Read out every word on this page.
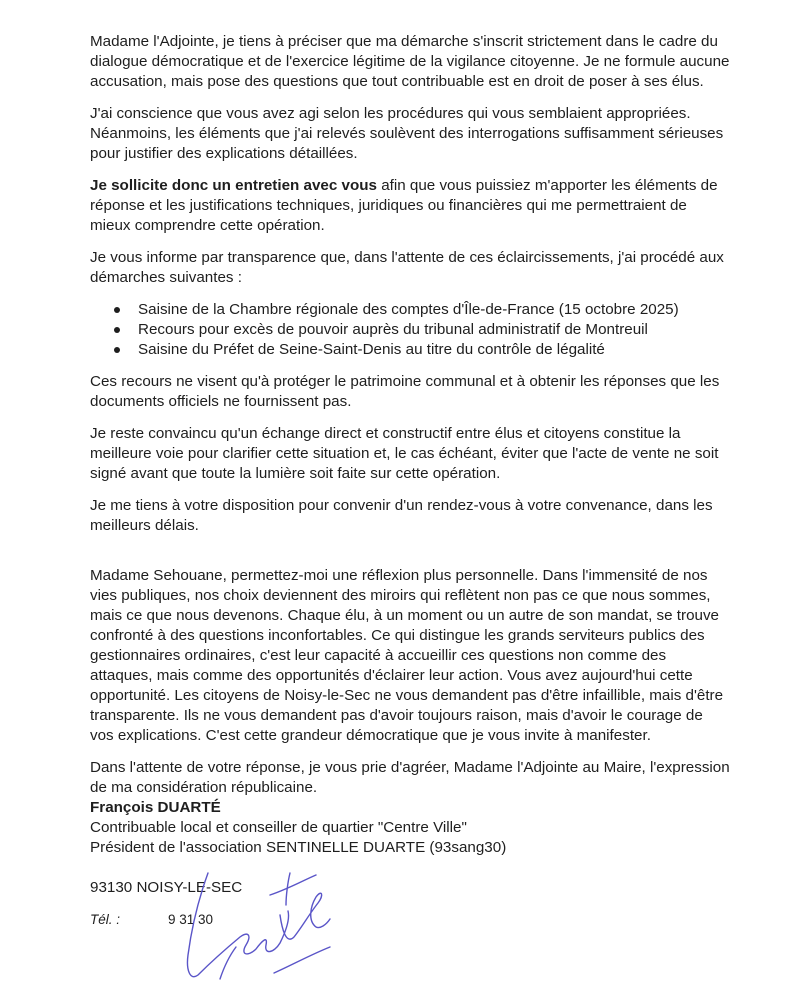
Madame l'Adjointe, je tiens à préciser que ma démarche s'inscrit strictement dans le cadre du dialogue démocratique et de l'exercice légitime de la vigilance citoyenne. Je ne formule aucune accusation, mais pose des questions que tout contribuable est en droit de poser à ses élus.

J'ai conscience que vous avez agi selon les procédures qui vous semblaient appropriées. Néanmoins, les éléments que j'ai relevés soulèvent des interrogations suffisamment sérieuses pour justifier des explications détaillées.

Je sollicite donc un entretien avec vous afin que vous puissiez m'apporter les éléments de réponse et les justifications techniques, juridiques ou financières qui me permettraient de mieux comprendre cette opération.

Je vous informe par transparence que, dans l'attente de ces éclaircissements, j'ai procédé aux démarches suivantes :

Saisine de la Chambre régionale des comptes d'Île-de-France (15 octobre 2025)
Recours pour excès de pouvoir auprès du tribunal administratif de Montreuil
Saisine du Préfet de Seine-Saint-Denis au titre du contrôle de légalité

Ces recours ne visent qu'à protéger le patrimoine communal et à obtenir les réponses que les documents officiels ne fournissent pas.

Je reste convaincu qu'un échange direct et constructif entre élus et citoyens constitue la meilleure voie pour clarifier cette situation et, le cas échéant, éviter que l'acte de vente ne soit signé avant que toute la lumière soit faite sur cette opération.

Je me tiens à votre disposition pour convenir d'un rendez-vous à votre convenance, dans les meilleurs délais.

Madame Sehouane, permettez-moi une réflexion plus personnelle. Dans l'immensité de nos vies publiques, nos choix deviennent des miroirs qui reflètent non pas ce que nous sommes, mais ce que nous devenons. Chaque élu, à un moment ou un autre de son mandat, se trouve confronté à des questions inconfortables. Ce qui distingue les grands serviteurs publics des gestionnaires ordinaires, c'est leur capacité à accueillir ces questions non comme des attaques, mais comme des opportunités d'éclairer leur action. Vous avez aujourd'hui cette opportunité. Les citoyens de Noisy-le-Sec ne vous demandent pas d'être infaillible, mais d'être transparente. Ils ne vous demandent pas d'avoir toujours raison, mais d'avoir le courage de vos explications. C'est cette grandeur démocratique que je vous invite à manifester.

Dans l'attente de votre réponse, je vous prie d'agréer, Madame l'Adjointe au Maire, l'expression de ma considération républicaine.
François DUARTÉ
Contribuable local et conseiller de quartier "Centre Ville"
Président de l'association SENTINELLE DUARTE (93sang30)
93130 NOISY-LE-SEC
Tél. :	9 31 30
